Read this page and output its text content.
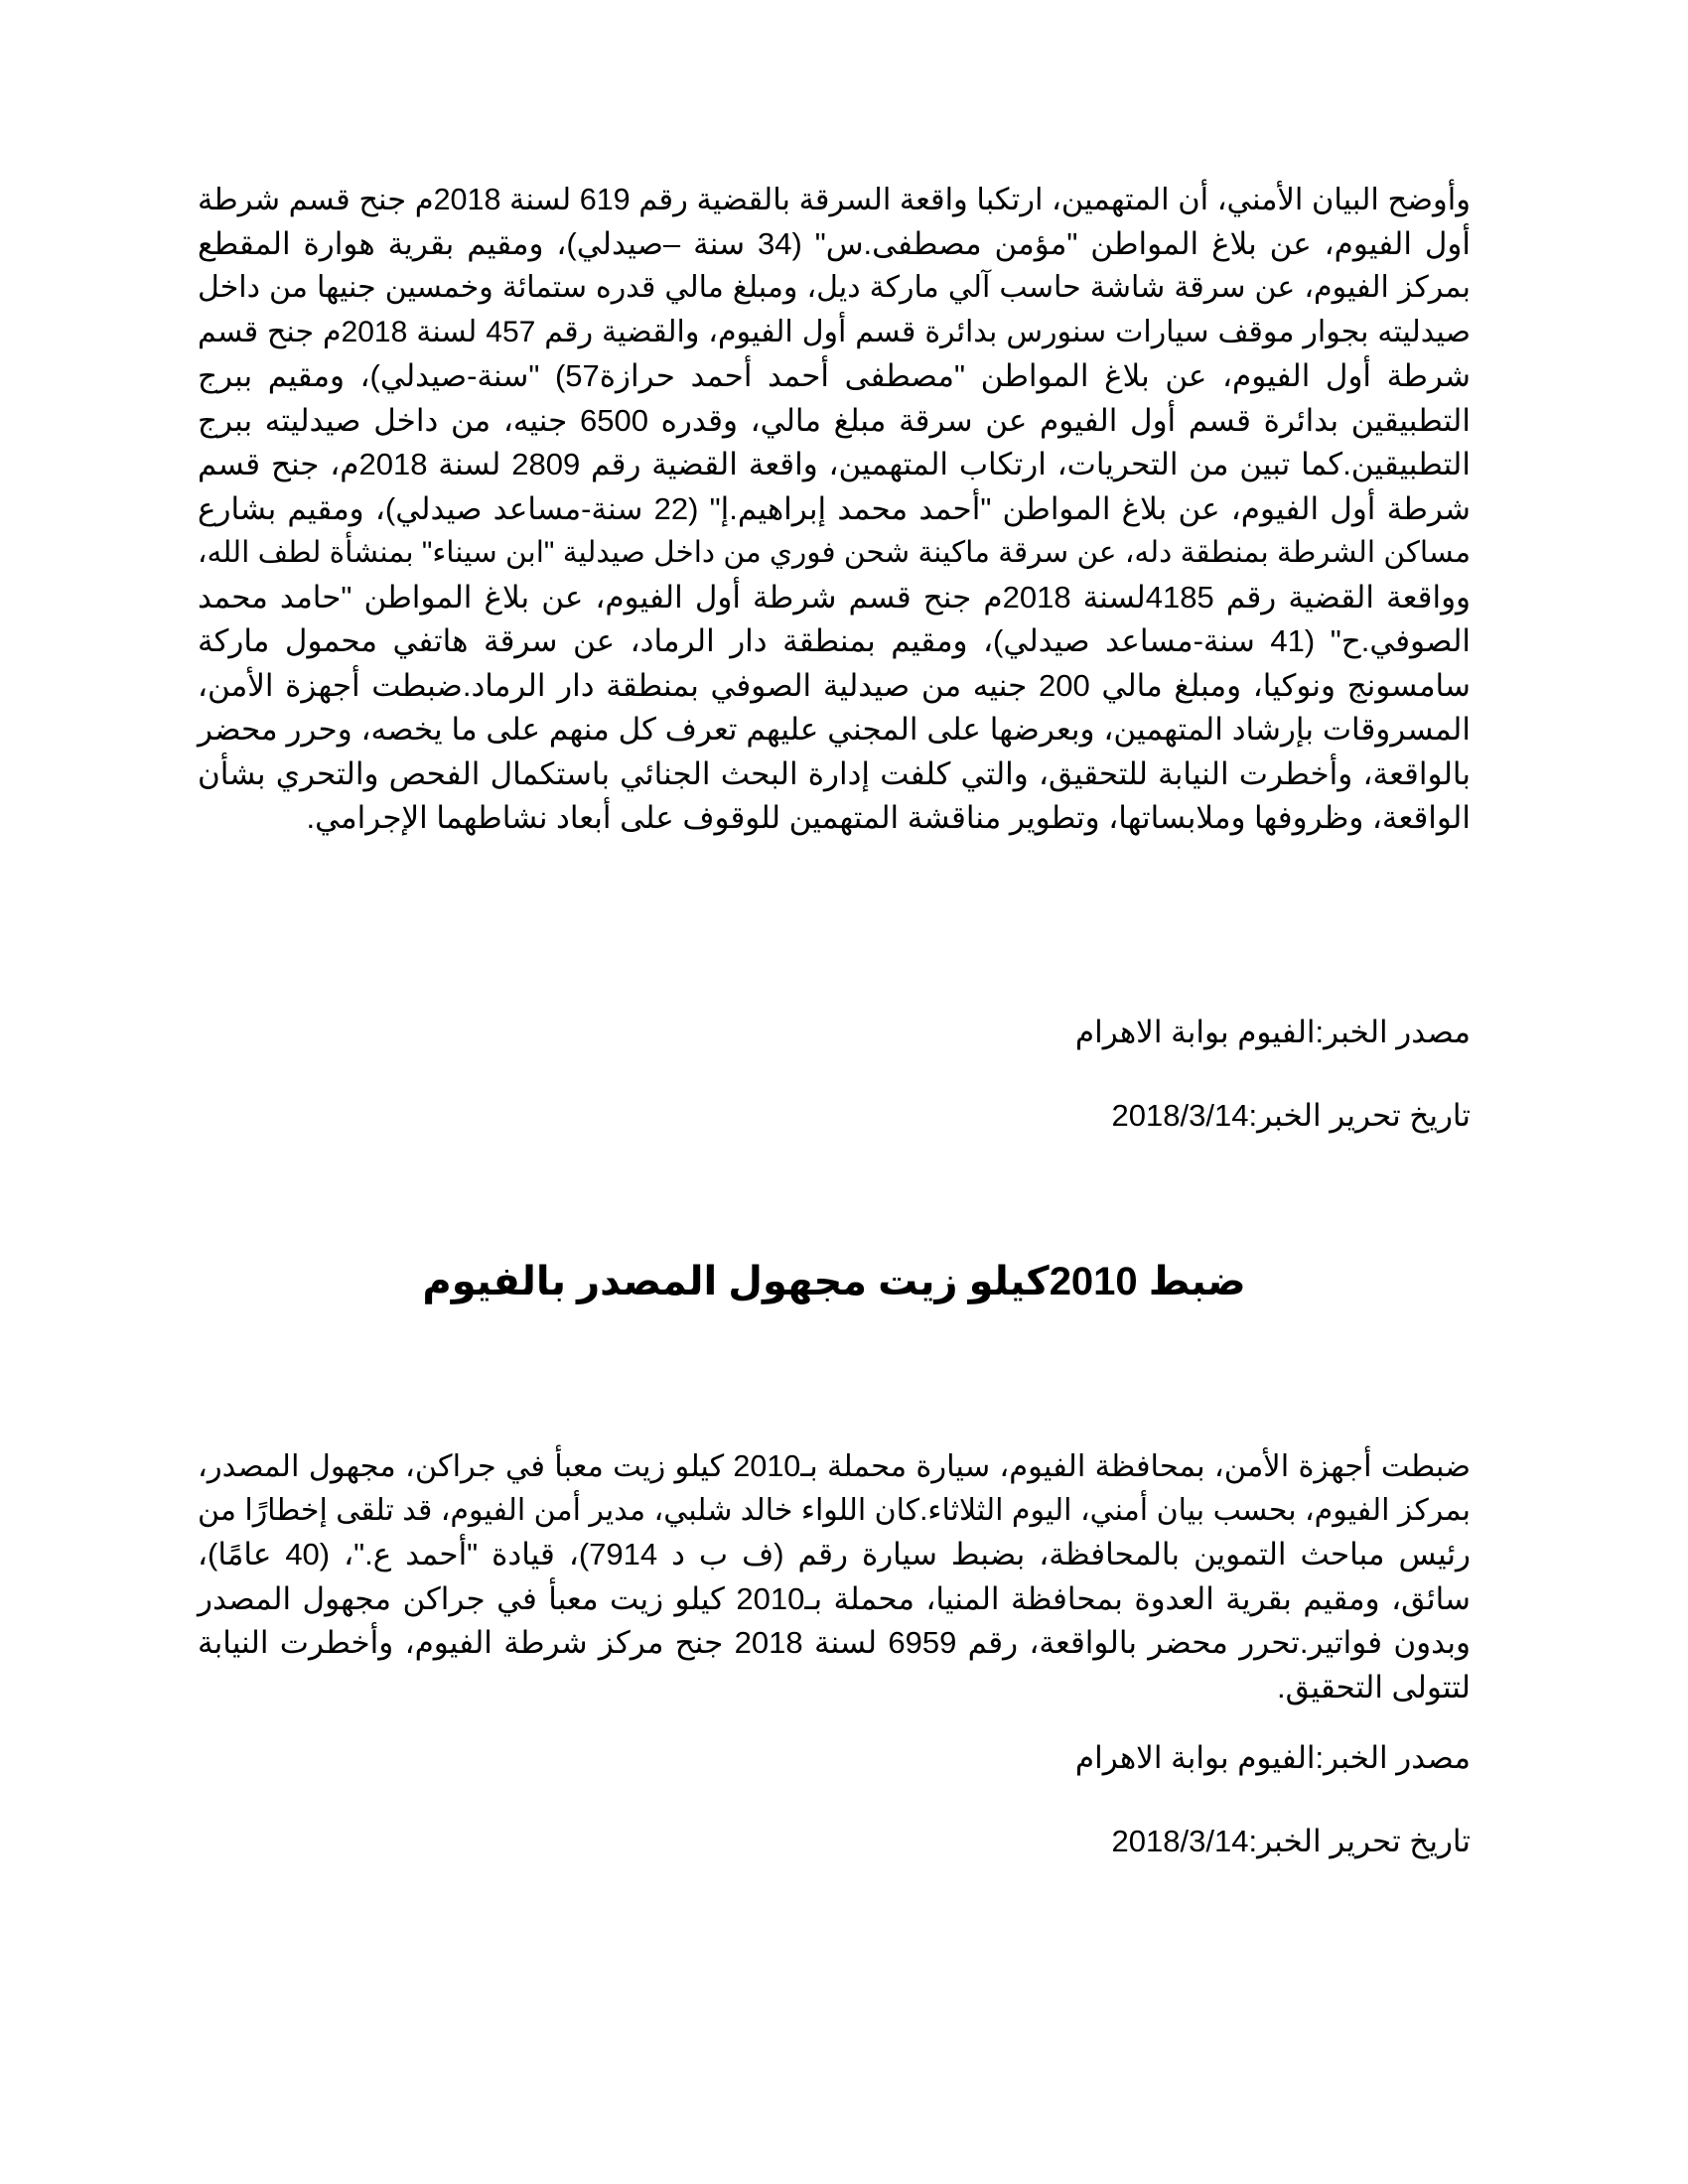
وأوضح البيان الأمني، أن المتهمين، ارتكبا واقعة السرقة بالقضية رقم 619 لسنة 2018م جنح قسم شرطة
أول الفيوم، عن بلاغ المواطن "مؤمن مصطفى.س" (34 سنة –صيدلي)، ومقيم بقرية هوارة المقطع
بمركز الفيوم، عن سرقة شاشة حاسب آلي ماركة ديل، ومبلغ مالي قدره ستمائة وخمسين جنيها من داخل
صيدليته بجوار موقف سيارات سنورس بدائرة قسم أول الفيوم، والقضية رقم 457 لسنة 2018م جنح قسم
شرطة أول الفيوم، عن بلاغ المواطن "مصطفى أحمد أحمد حرازة57) "سنة-صيدلي)، ومقيم ببرج
التطبيقين بدائرة قسم أول الفيوم عن سرقة مبلغ مالي، وقدره 6500 جنيه، من داخل صيدليته ببرج
التطبيقين.كما تبين من التحريات، ارتكاب المتهمين، واقعة القضية رقم 2809 لسنة 2018م، جنح قسم
شرطة أول الفيوم، عن بلاغ المواطن "أحمد محمد إبراهيم.إ" (22 سنة-مساعد صيدلي)، ومقيم بشارع
مساكن الشرطة بمنطقة دله، عن سرقة ماكينة شحن فوري من داخل صيدلية "ابن سيناء" بمنشأة لطف الله،
وواقعة القضية رقم 4185لسنة 2018م جنح قسم شرطة أول الفيوم، عن بلاغ المواطن "حامد محمد
الصوفي.ح" (41 سنة-مساعد صيدلي)، ومقيم بمنطقة دار الرماد، عن سرقة هاتفي محمول ماركة
سامسونج ونوكيا، ومبلغ مالي 200 جنيه من صيدلية الصوفي بمنطقة دار الرماد.ضبطت أجهزة الأمن،
المسروقات بإرشاد المتهمين، وبعرضها على المجني عليهم تعرف كل منهم على ما يخصه، وحرر محضر
بالواقعة، وأخطرت النيابة للتحقيق، والتي كلفت إدارة البحث الجنائي باستكمال الفحص والتحري بشأن
الواقعة، وظروفها وملابساتها، وتطوير مناقشة المتهمين للوقوف على أبعاد نشاطهما الإجرامي.
مصدر الخبر:الفيوم بوابة الاهرام
تاريخ تحرير الخبر:2018/3/14
ضبط 2010كيلو زيت مجهول المصدر بالفيوم
ضبطت أجهزة الأمن، بمحافظة الفيوم، سيارة محملة بـ2010 كيلو زيت معبأ في جراكن، مجهول المصدر،
بمركز الفيوم، بحسب بيان أمني، اليوم الثلاثاء.كان اللواء خالد شلبي، مدير أمن الفيوم، قد تلقى إخطارًا من
رئيس مباحث التموين بالمحافظة، بضبط سيارة رقم (ف ب د 7914)، قيادة "أحمد ع."، (40 عامًا)،
سائق، ومقيم بقرية العدوة بمحافظة المنيا، محملة بـ2010 كيلو زيت معبأ في جراكن مجهول المصدر
وبدون فواتير.تحرر محضر بالواقعة، رقم 6959 لسنة 2018 جنح مركز شرطة الفيوم، وأخطرت النيابة
لتتولى التحقيق.
مصدر الخبر:الفيوم بوابة الاهرام
تاريخ تحرير الخبر:2018/3/14
